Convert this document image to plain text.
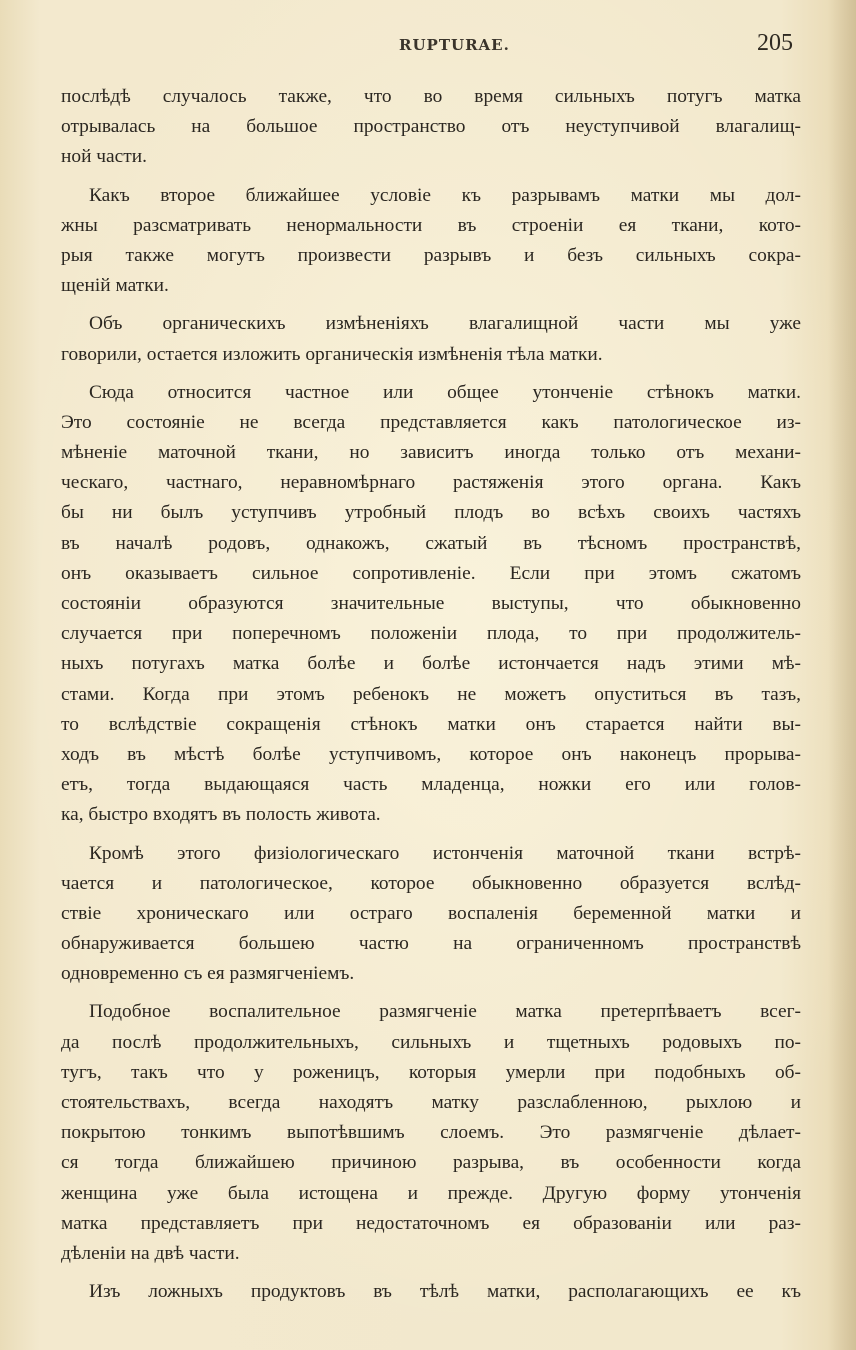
RUPTURAE.	205
послѣдѣ случалось также, что во время сильныхъ потугъ матка
отрывалась на большое пространство отъ неуступчивой влагалищ-
ной части.
Какъ второе ближайшее условіе къ разрывамъ матки мы дол-
жны разсматривать ненормальности въ строеніи ея ткани, кото-
рыя также могутъ произвести разрывъ и безъ сильныхъ сокра-
щеній матки.
Объ органическихъ измѣненіяхъ влагалищной части мы уже
говорили, остается изложить органическія измѣненія тѣла матки.
Сюда относится частное или общее утонченіе стѣнокъ матки.
Это состояніе не всегда представляется какъ патологическое из-
мѣненіе маточной ткани, но зависитъ иногда только отъ механи-
ческаго, частнаго, неравномѣрнаго растяженія этого органа. Какъ
бы ни былъ уступчивъ утробный плодъ во всѣхъ своихъ частяхъ
въ началѣ родовъ, однакожъ, сжатый въ тѣсномъ пространствѣ,
онъ оказываетъ сильное сопротивленіе. Если при этомъ сжатомъ
состояніи образуются значительные выступы, что обыкновенно
случается при поперечномъ положеніи плода, то при продолжитель-
ныхъ потугахъ матка болѣе и болѣе истончается надъ этими мѣ-
стами. Когда при этомъ ребенокъ не можетъ опуститься въ тазъ,
то вслѣдствіе сокращенія стѣнокъ матки онъ старается найти вы-
ходъ въ мѣстѣ болѣе уступчивомъ, которое онъ наконецъ прорыва-
етъ, тогда выдающаяся часть младенца, ножки его или голов-
ка, быстро входятъ въ полость живота.
Кромѣ этого физіологическаго истонченія маточной ткани встрѣ-
чается и патологическое, которое обыкновенно образуется вслѣд-
ствіе хроническаго или остраго воспаленія беременной матки и
обнаруживается большею частю на ограниченномъ пространствѣ
одновременно съ ея размягченіемъ.
Подобное воспалительное размягченіе матка претерпѣваетъ всег-
да послѣ продолжительныхъ, сильныхъ и тщетныхъ родовыхъ по-
тугъ, такъ что у роженицъ, которыя умерли при подобныхъ об-
стоятельствахъ, всегда находятъ матку разслабленною, рыхлою и
покрытою тонкимъ выпотѣвшимъ слоемъ. Это размягченіе дѣлает-
ся тогда ближайшею причиною разрыва, въ особенности когда
женщина уже была истощена и прежде. Другую форму утонченія
матка представляетъ при недостаточномъ ея образованіи или раз-
дѣленіи на двѣ части.
Изъ ложныхъ продуктовъ въ тѣлѣ матки, располагающихъ ее къ
